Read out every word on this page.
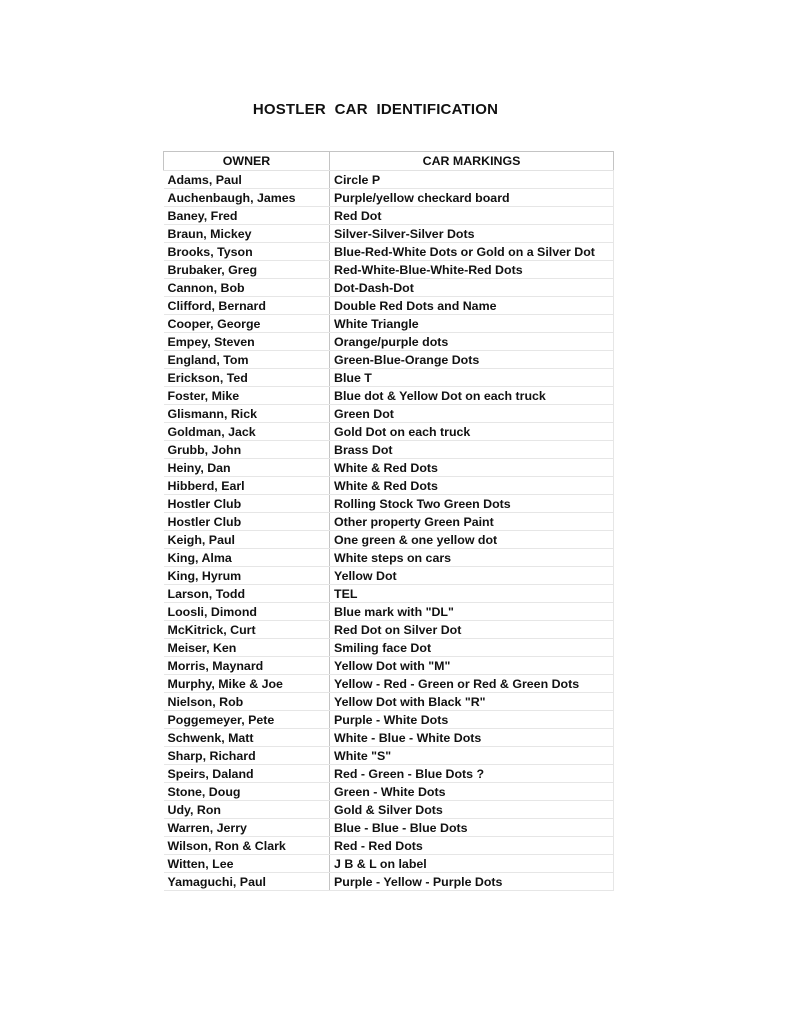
HOSTLER  CAR  IDENTIFICATION
OWNER	CAR MARKINGS
Adams, Paul	Circle P
Auchenbaugh, James	Purple/yellow checkard board
Baney, Fred	Red Dot
Braun, Mickey	Silver-Silver-Silver Dots
Brooks, Tyson	Blue-Red-White Dots or Gold on a Silver Dot
Brubaker, Greg	Red-White-Blue-White-Red Dots
Cannon, Bob	Dot-Dash-Dot
Clifford, Bernard	Double Red Dots and Name
Cooper, George	White Triangle
Empey, Steven	Orange/purple dots
England, Tom	Green-Blue-Orange Dots
Erickson, Ted	Blue T
Foster, Mike	Blue dot & Yellow Dot on each truck
Glismann, Rick	Green Dot
Goldman, Jack	Gold Dot on each truck
Grubb, John	Brass Dot
Heiny, Dan	White & Red Dots
Hibberd, Earl	White & Red Dots
Hostler Club	Rolling Stock Two Green Dots
Hostler Club	Other property Green Paint
Keigh, Paul	One green & one yellow dot
King, Alma	White steps on cars
King, Hyrum	Yellow Dot
Larson, Todd	TEL
Loosli, Dimond	Blue mark with "DL"
McKitrick, Curt	Red Dot on Silver Dot
Meiser, Ken	Smiling face Dot
Morris, Maynard	Yellow Dot with "M"
Murphy, Mike & Joe	Yellow - Red - Green or Red & Green Dots
Nielson, Rob	Yellow Dot with Black "R"
Poggemeyer, Pete	Purple - White Dots
Schwenk, Matt	White - Blue - White Dots
Sharp, Richard	White "S"
Speirs, Daland	Red - Green - Blue Dots ?
Stone, Doug	Green - White Dots
Udy, Ron	Gold & Silver Dots
Warren, Jerry	Blue - Blue - Blue Dots
Wilson, Ron & Clark	Red - Red Dots
Witten, Lee	J B & L on label
Yamaguchi, Paul	Purple - Yellow - Purple Dots
